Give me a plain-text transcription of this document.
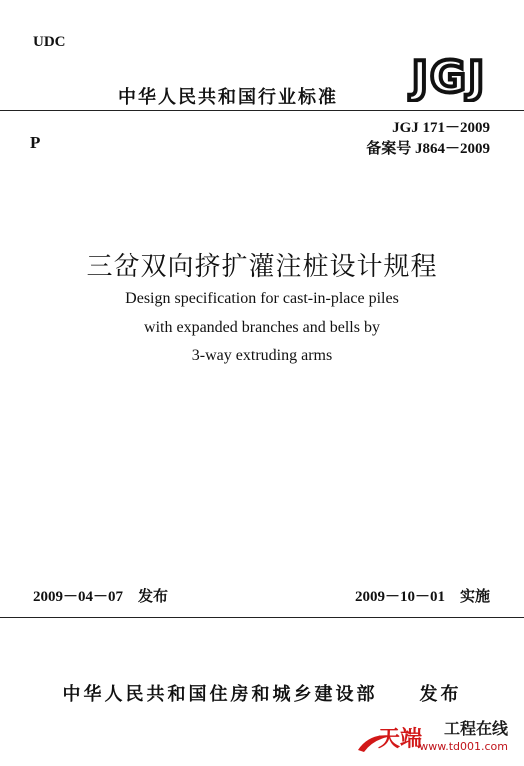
UDC
中华人民共和国行业标准 JGJ
P
JGJ 171－2009
备案号 J864－2009
三岔双向挤扩灌注桩设计规程
Design specification for cast-in-place piles
with expanded branches and bells by
3-way extruding arms
2009－04－07　发布	2009－10－01　实施
中华人民共和国住房和城乡建设部　　发布
天端 工程在线
www.td001.com
